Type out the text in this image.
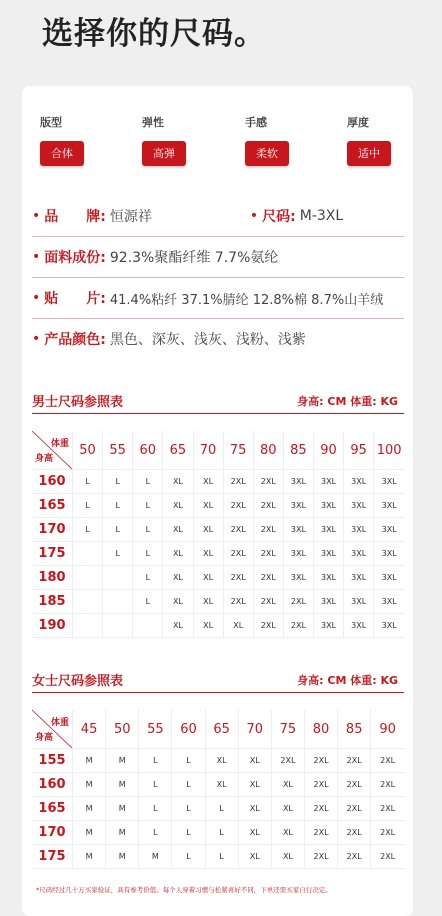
选择你的尺码。
版型
合体
弹性
高弹
手感
柔软
厚度
适中
• 品　　牌: 恒源祥	• 尺码: M-3XL
• 面料成份: 92.3%聚酯纤维 7.7%氨纶
• 贴　　片: 41.4%粘纤 37.1%腈纶 12.8%棉 8.7%山羊绒
• 产品颜色: 黑色、深灰、浅灰、浅粉、浅紫
男士尺码参照表	身高: CM 体重: KG
体重
身高	50	55	60	65	70	75	80	85	90	95	100
160	L	L	L	XL	XL	2XL	2XL	3XL	3XL	3XL	3XL
165	L	L	L	XL	XL	2XL	2XL	3XL	3XL	3XL	3XL
170	L	L	L	XL	XL	2XL	2XL	3XL	3XL	3XL	3XL
175		L	L	XL	XL	2XL	2XL	3XL	3XL	3XL	3XL
180			L	XL	XL	2XL	2XL	3XL	3XL	3XL	3XL
185			L	XL	XL	2XL	2XL	2XL	3XL	3XL	3XL
190				XL	XL	XL	2XL	2XL	3XL	3XL	3XL
女士尺码参照表	身高: CM 体重: KG
体重
身高	45	50	55	60	65	70	75	80	85	90
155	M	M	L	L	XL	XL	2XL	2XL	2XL	2XL
160	M	M	L	L	XL	XL	XL	2XL	2XL	2XL
165	M	M	L	L	L	XL	XL	2XL	2XL	2XL
170	M	M	L	L	L	XL	XL	2XL	2XL	2XL
175	M	M	M	L	L	XL	XL	2XL	2XL	2XL
*尺码经过几十万买家验证，具有参考价值。每个人穿着习惯与松紧喜好不同，下单还需买家自行决定。
